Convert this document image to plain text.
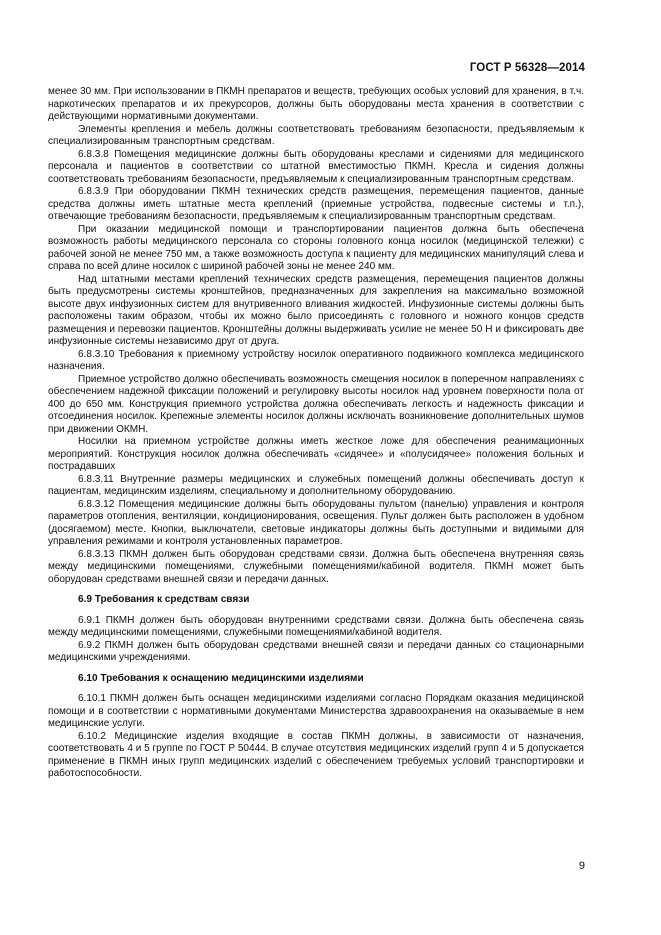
ГОСТ Р 56328—2014

менее 30 мм. При использовании в ПКМН препаратов и веществ, требующих особых условий для хранения, в т.ч. наркотических препаратов и их прекурсоров, должны быть оборудованы места хранения в соответствии с действующими нормативными документами.

Элементы крепления и мебель должны соответствовать требованиям безопасности, предъявляемым к специализированным транспортным средствам.

6.8.3.8 Помещения медицинские должны быть оборудованы креслами и сидениями для медицинского персонала и пациентов в соответствии со штатной вместимостью ПКМН. Кресла и сидения должны соответствовать требованиям безопасности, предъявляемым к специализированным транспортным средствам.

6.8.3.9 При оборудовании ПКМН технических средств размещения, перемещения пациентов, данные средства должны иметь штатные места креплений (приемные устройства, подвесные системы и т.п.), отвечающие требованиям безопасности, предъявляемым к специализированным транспортным средствам.

При оказании медицинской помощи и транспортировании пациентов должна быть обеспечена возможность работы медицинского персонала со стороны головного конца носилок (медицинской тележки) с рабочей зоной не менее 750 мм, а также возможность доступа к пациенту для медицинских манипуляций слева и справа по всей длине носилок с шириной рабочей зоны не менее 240 мм.

Над штатными местами креплений технических средств размещения, перемещения пациентов должны быть предусмотрены системы кронштейнов, предназначенных для закрепления на максимально возможной высоте двух инфузионных систем для внутривенного вливания жидкостей. Инфузионные системы должны быть расположены таким образом, чтобы их можно было присоединять с головного и ножного концов средств размещения и перевозки пациентов. Кронштейны должны выдерживать усилие не менее 50 Н и фиксировать две инфузионные системы независимо друг от друга.

6.8.3.10 Требования к приемному устройству носилок оперативного подвижного комплекса медицинского назначения.

Приемное устройство должно обеспечивать возможность смещения носилок в поперечном направлениях с обеспечением надежной фиксации положений и регулировку высоты носилок над уровнем поверхности пола от 400 до 650 мм. Конструкция приемного устройства должна обеспечивать легкость и надежность фиксации и отсоединения носилок. Крепежные элементы носилок должны исключать возникновение дополнительных шумов при движении ОКМН.

Носилки на приемном устройстве должны иметь жесткое ложе для обеспечения реанимационных мероприятий. Конструкция носилок должна обеспечивать «сидячее» и «полусидячее» положения больных и пострадавших

6.8.3.11 Внутренние размеры медицинских и служебных помещений должны обеспечивать доступ к пациентам, медицинским изделиям, специальному и дополнительному оборудованию.

6.8.3.12 Помещения медицинские должны быть оборудованы пультом (панелью) управления и контроля параметров отопления, вентиляции, кондиционирования, освещения. Пульт должен быть расположен в удобном (досягаемом) месте. Кнопки, выключатели, световые индикаторы должны быть доступными и видимыми для управления режимами и контроля установленных параметров.

6.8.3.13 ПКМН должен быть оборудован средствами связи. Должна быть обеспечена внутренняя связь между медицинскими помещениями, служебными помещениями/кабиной водителя. ПКМН может быть оборудован средствами внешней связи и передачи данных.

6.9 Требования к средствам связи

6.9.1 ПКМН должен быть оборудован внутренними средствами связи. Должна быть обеспечена связь между медицинскими помещениями, служебными помещениями/кабиной водителя.

6.9.2 ПКМН должен быть оборудован средствами внешней связи и передачи данных со стационарными медицинскими учреждениями.

6.10 Требования к оснащению медицинскими изделиями

6.10.1 ПКМН должен быть оснащен медицинскими изделиями согласно Порядкам оказания медицинской помощи и в соответствии с нормативными документами Министерства здравоохранения на оказываемые в нем медицинские услуги.

6.10.2 Медицинские изделия входящие в состав ПКМН должны, в зависимости от назначения, соответствовать 4 и 5 группе по ГОСТ Р 50444. В случае отсутствия медицинских изделий групп 4 и 5 допускается применение в ПКМН иных групп медицинских изделий с обеспечением требуемых условий транспортировки и работоспособности.

9
